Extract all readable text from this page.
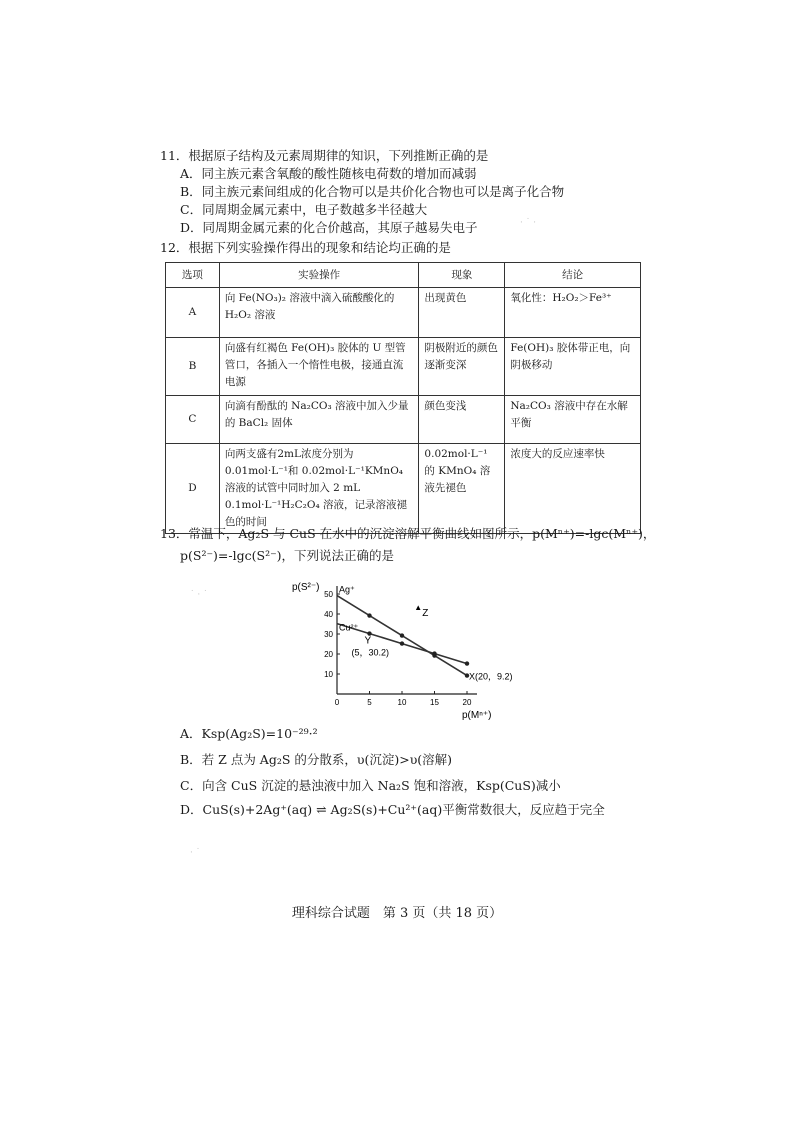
11．根据原子结构及元素周期律的知识，下列推断正确的是
A．同主族元素含氧酸的酸性随核电荷数的增加而减弱
B．同主族元素间组成的化合物可以是共价化合物也可以是离子化合物
C．同周期金属元素中，电子数越多半径越大
D．同周期金属元素的化合价越高，其原子越易失电子
12．根据下列实验操作得出的现象和结论均正确的是
选项	实验操作	现象	结论
A	向 Fe(NO₃)₂ 溶液中滴入硫酸酸化的 H₂O₂ 溶液	出现黄色	氧化性：H₂O₂＞Fe³⁺
B	向盛有红褐色 Fe(OH)₃ 胶体的 U 型管管口，各插入一个惰性电极，接通直流电源	阴极附近的颜色逐渐变深	Fe(OH)₃ 胶体带正电，向阴极移动
C	向滴有酚酞的 Na₂CO₃ 溶液中加入少量的 BaCl₂ 固体	颜色变浅	Na₂CO₃ 溶液中存在水解平衡
D	向两支盛有2mL浓度分别为0.01mol·L⁻¹和 0.02mol·L⁻¹KMnO₄溶液的试管中同时加入 2 mL 0.1mol·L⁻¹H₂C₂O₄ 溶液，记录溶液褪色的时间	0.02mol·L⁻¹ 的 KMnO₄ 溶液先褪色	浓度大的反应速率快
13．常温下，Ag₂S 与 CuS 在水中的沉淀溶解平衡曲线如图所示，p(Mⁿ⁺)=-lgc(Mⁿ⁺)，
p(S²⁻)=-lgc(S²⁻)，下列说法正确的是
0	5	10	15	20
10
20
30
40
50 Ag⁺
Cu²⁺
Y
(5，30.2)
X(20，9.2)
▲
Z
p(Mⁿ⁺)
p(S²⁻)
A．Ksp(Ag₂S)=10⁻²⁹·²
B．若 Z 点为 Ag₂S 的分散系，υ(沉淀)>υ(溶解)
C．向含 CuS 沉淀的悬浊液中加入 Na₂S 饱和溶液，Ksp(CuS)减小
D．CuS(s)+2Ag⁺(aq) ⇌ Ag₂S(s)+Cu²⁺(aq)平衡常数很大，反应趋于完全
理科综合试题　第 3 页（共 18 页）
· ˙ ·
˙ · ˙
· ˙
